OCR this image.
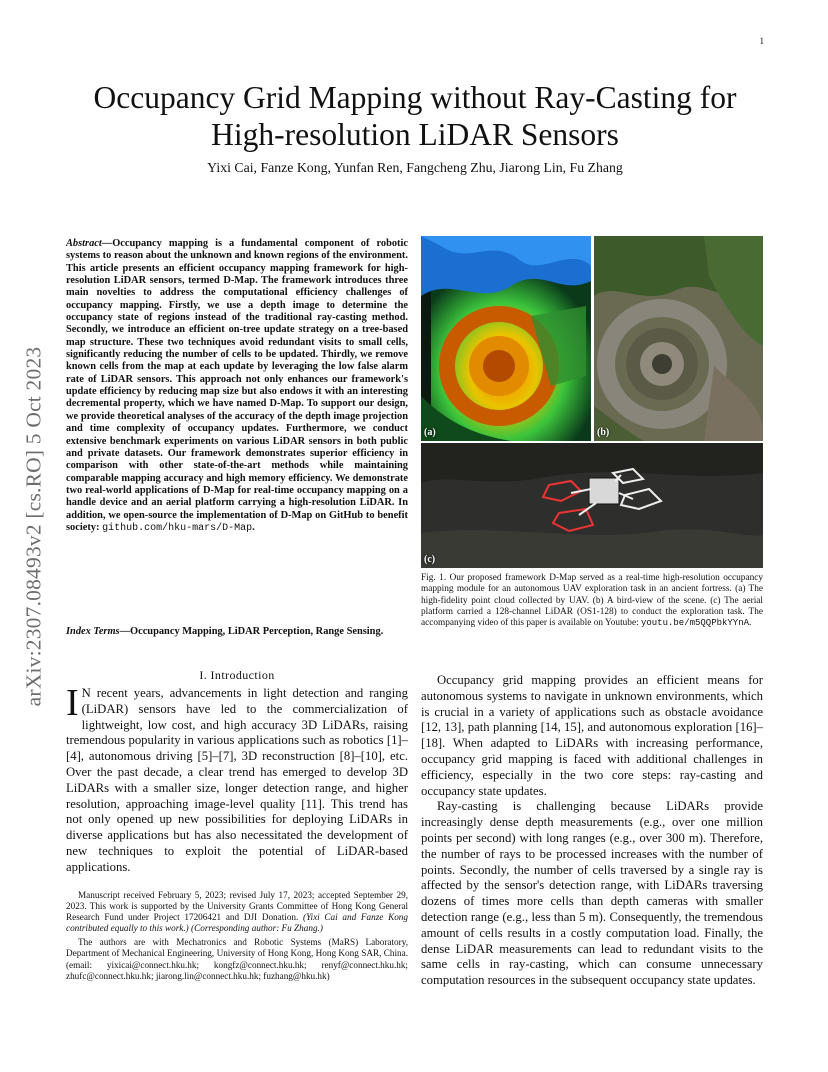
1
arXiv:2307.08493v2 [cs.RO] 5 Oct 2023
Occupancy Grid Mapping without Ray-Casting for
High-resolution LiDAR Sensors
Yixi Cai, Fanze Kong, Yunfan Ren, Fangcheng Zhu, Jiarong Lin, Fu Zhang
Abstract—Occupancy mapping is a fundamental component of robotic systems to reason about the unknown and known regions of the environment. This article presents an efficient occupancy mapping framework for high-resolution LiDAR sensors, termed D-Map. The framework introduces three main novelties to address the computational efficiency challenges of occupancy mapping. Firstly, we use a depth image to determine the occupancy state of regions instead of the traditional ray-casting method. Secondly, we introduce an efficient on-tree update strategy on a tree-based map structure. These two techniques avoid redundant visits to small cells, significantly reducing the number of cells to be updated. Thirdly, we remove known cells from the map at each update by leveraging the low false alarm rate of LiDAR sensors. This approach not only enhances our framework's update efficiency by reducing map size but also endows it with an interesting decremental property, which we have named D-Map. To support our design, we provide theoretical analyses of the accuracy of the depth image projection and time complexity of occupancy updates. Furthermore, we conduct extensive benchmark experiments on various LiDAR sensors in both public and private datasets. Our framework demonstrates superior efficiency in comparison with other state-of-the-art methods while maintaining comparable mapping accuracy and high memory efficiency. We demonstrate two real-world applications of D-Map for real-time occupancy mapping on a handle device and an aerial platform carrying a high-resolution LiDAR. In addition, we open-source the implementation of D-Map on GitHub to benefit society: github.com/hku-mars/D-Map.
Index Terms—Occupancy Mapping, LiDAR Perception, Range Sensing.
I. Introduction
I N recent years, advancements in light detection and ranging (LiDAR) sensors have led to the commercialization of lightweight, low cost, and high accuracy 3D LiDARs, raising tremendous popularity in various applications such as robotics [1]–[4], autonomous driving [5]–[7], 3D reconstruction [8]–[10], etc. Over the past decade, a clear trend has emerged to develop 3D LiDARs with a smaller size, longer detection range, and higher resolution, approaching image-level quality [11]. This trend has not only opened up new possibilities for deploying LiDARs in diverse applications but has also necessitated the development of new techniques to exploit the potential of LiDAR-based applications.

Manuscript received February 5, 2023; revised July 17, 2023; accepted September 29, 2023. This work is supported by the University Grants Committee of Hong Kong General Research Fund under Project 17206421 and DJI Donation. (Yixi Cai and Fanze Kong contributed equally to this work.) (Corresponding author: Fu Zhang.)

The authors are with Mechatronics and Robotic Systems (MaRS) Laboratory, Department of Mechanical Engineering, University of Hong Kong, Hong Kong SAR, China. (email: yixicai@connect.hku.hk; kongfz@connect.hku.hk; renyf@connect.hku.hk; zhufc@connect.hku.hk; jiarong.lin@connect.hku.hk; fuzhang@hku.hk)

(a)	(b)
(c)
Fig. 1. Our proposed framework D-Map served as a real-time high-resolution occupancy mapping module for an autonomous UAV exploration task in an ancient fortress. (a) The high-fidelity point cloud collected by UAV. (b) A bird-view of the scene. (c) The aerial platform carried a 128-channel LiDAR (OS1-128) to conduct the exploration task. The accompanying video of this paper is available on Youtube: youtu.be/m5QQPbkYYnA.

Occupancy grid mapping provides an efficient means for autonomous systems to navigate in unknown environments, which is crucial in a variety of applications such as obstacle avoidance [12, 13], path planning [14, 15], and autonomous exploration [16]–[18]. When adapted to LiDARs with increasing performance, occupancy grid mapping is faced with additional challenges in efficiency, especially in the two core steps: ray-casting and occupancy state updates.

Ray-casting is challenging because LiDARs provide increasingly dense depth measurements (e.g., over one million points per second) with long ranges (e.g., over 300 m). Therefore, the number of rays to be processed increases with the number of points. Secondly, the number of cells traversed by a single ray is affected by the sensor's detection range, with LiDARs traversing dozens of times more cells than depth cameras with smaller detection range (e.g., less than 5 m). Consequently, the tremendous amount of cells results in a costly computation load. Finally, the dense LiDAR measurements can lead to redundant visits to the same cells in ray-casting, which can consume unnecessary computation resources in the subsequent occupancy state updates.
